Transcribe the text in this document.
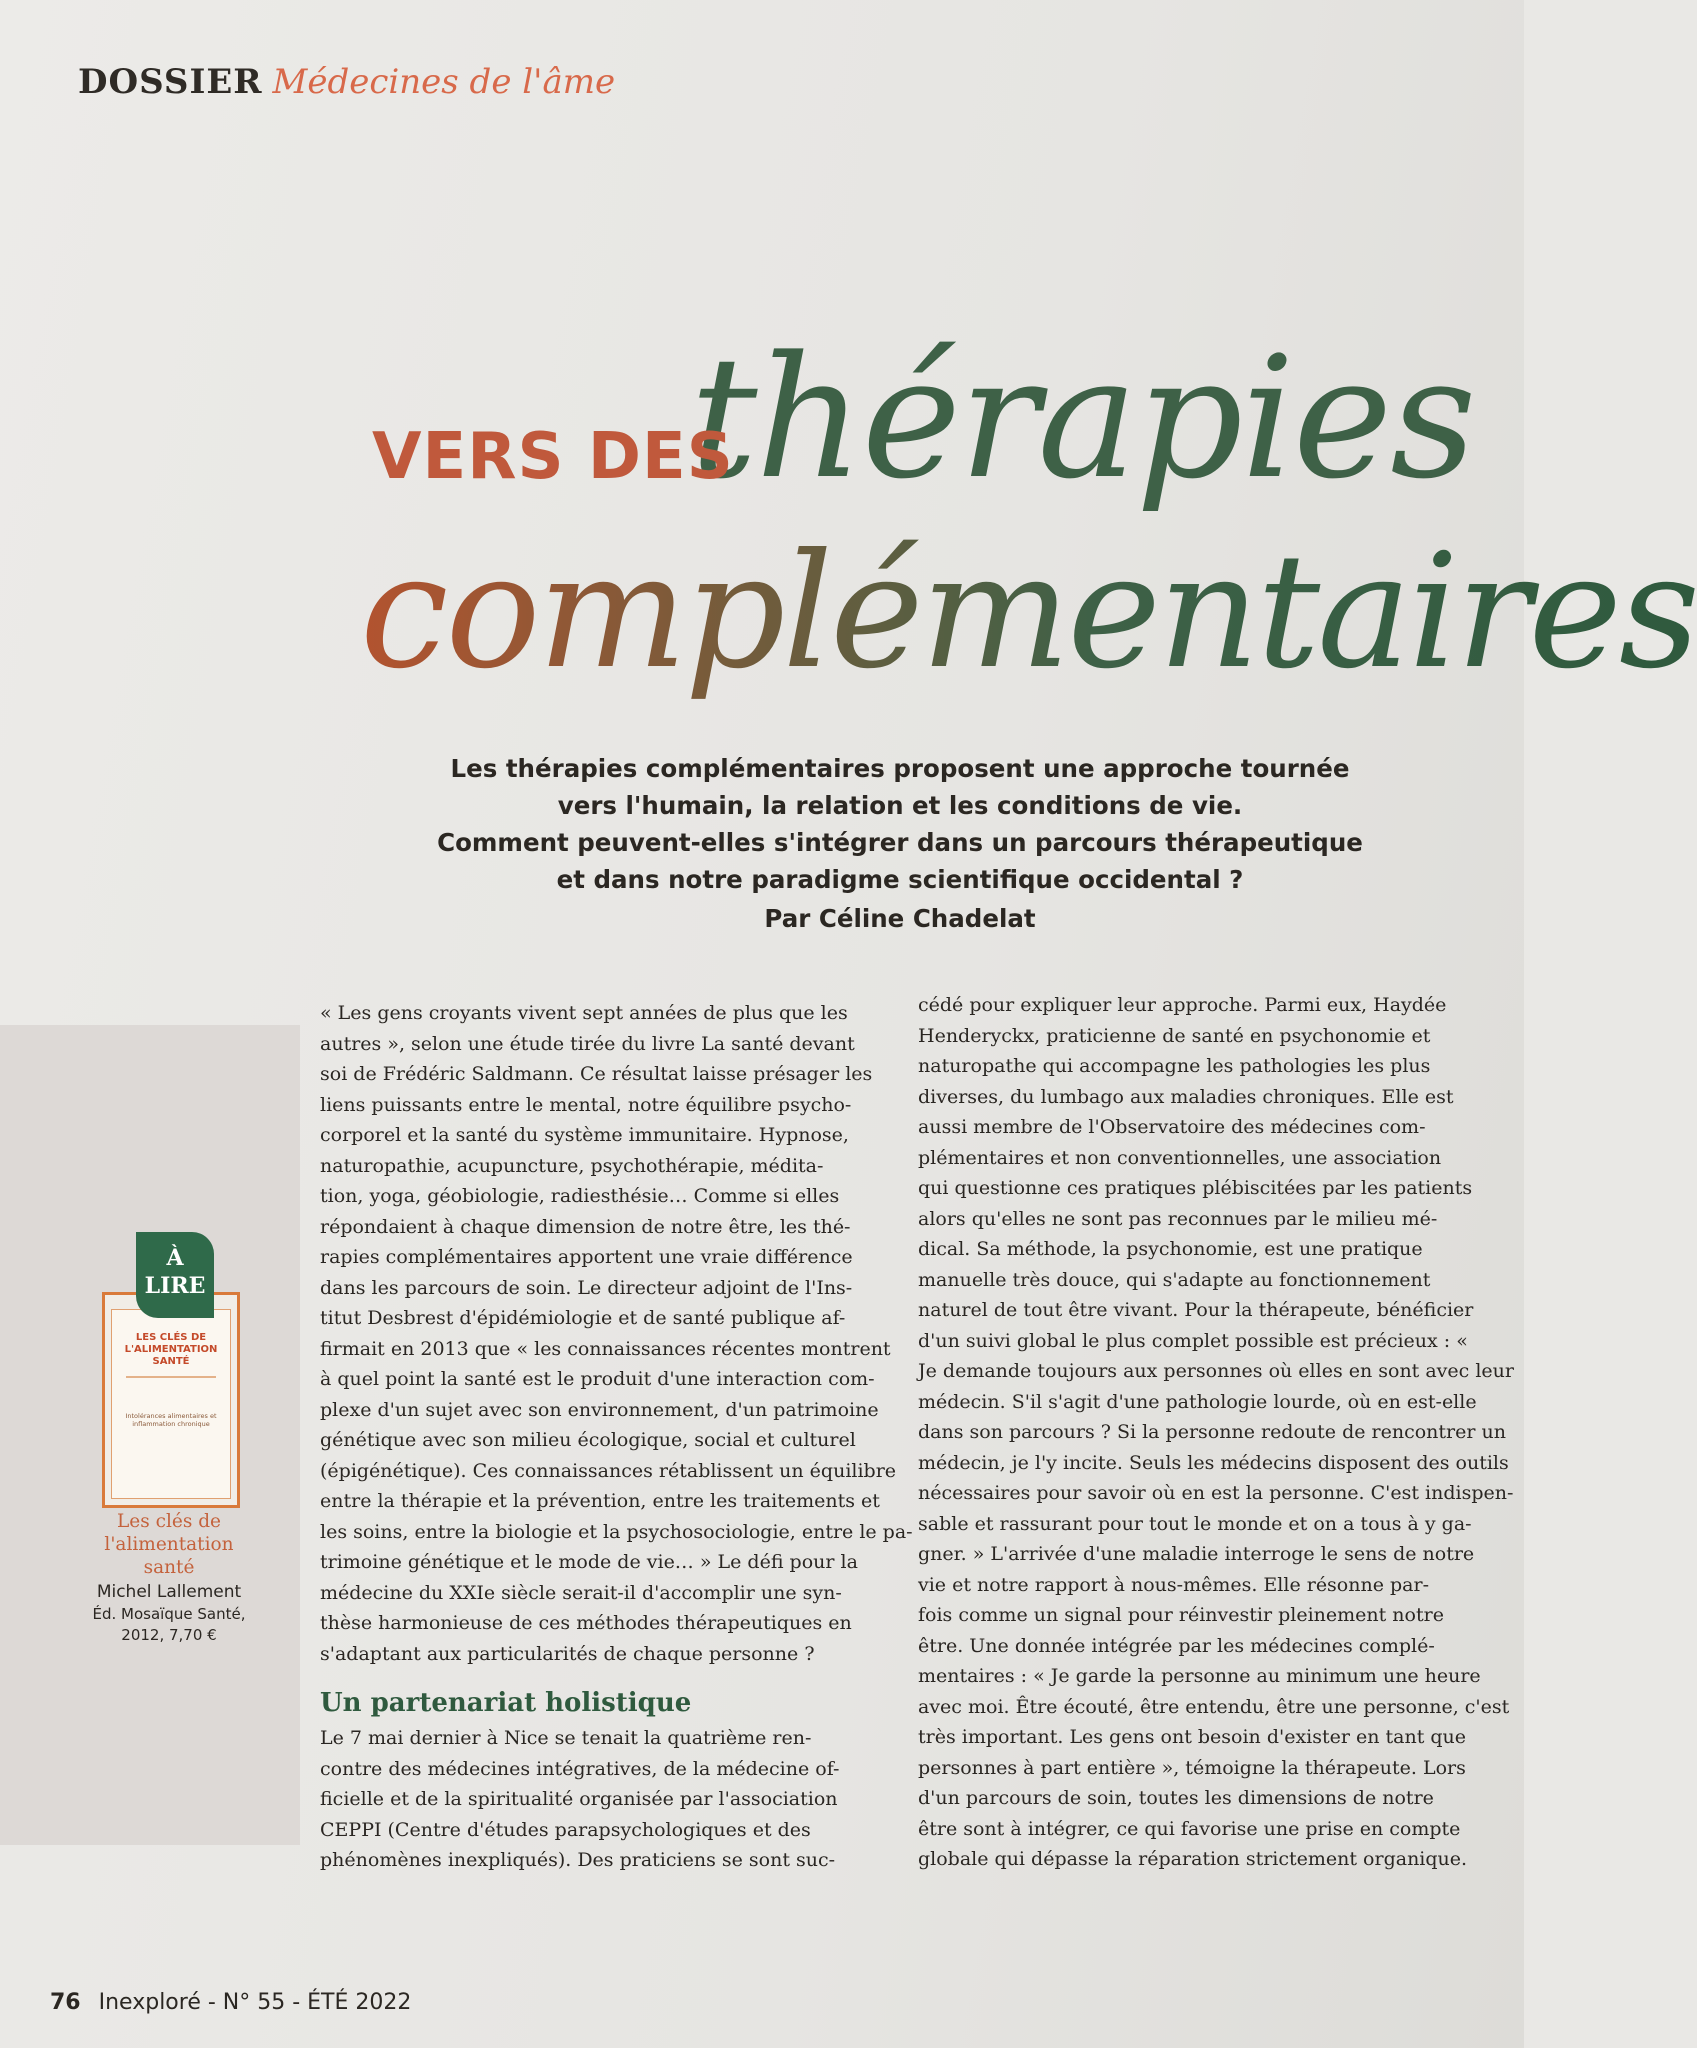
DOSSIER Médecines de l'âme
thérapies
VERS DES
complémentaires
Les thérapies complémentaires proposent une approche tournée
vers l'humain, la relation et les conditions de vie.
Comment peuvent-elles s'intégrer dans un parcours thérapeutique
et dans notre paradigme scientifique occidental ?
Par Céline Chadelat
LES CLÉS DE L'ALIMENTATION SANTÉ
Intolérances alimentaires et inflammation chronique
À
LIRE
Les clés de
l'alimentation
santé
Michel Lallement
Éd. Mosaïque Santé,
2012, 7,70 €
« Les gens croyants vivent sept années de plus que les
autres », selon une étude tirée du livre La santé devant
soi de Frédéric Saldmann. Ce résultat laisse présager les
liens puissants entre le mental, notre équilibre psycho-
corporel et la santé du système immunitaire. Hypnose,
naturopathie, acupuncture, psychothérapie, médita-
tion, yoga, géobiologie, radiesthésie… Comme si elles
répondaient à chaque dimension de notre être, les thé-
rapies complémentaires apportent une vraie différence
dans les parcours de soin. Le directeur adjoint de l'Ins-
titut Desbrest d'épidémiologie et de santé publique af-
firmait en 2013 que « les connaissances récentes montrent
à quel point la santé est le produit d'une interaction com-
plexe d'un sujet avec son environnement, d'un patrimoine
génétique avec son milieu écologique, social et culturel
(épigénétique). Ces connaissances rétablissent un équilibre
entre la thérapie et la prévention, entre les traitements et
les soins, entre la biologie et la psychosociologie, entre le pa-
trimoine génétique et le mode de vie… » Le défi pour la
médecine du XXIe siècle serait-il d'accomplir une syn-
thèse harmonieuse de ces méthodes thérapeutiques en
s'adaptant aux particularités de chaque personne ?
Un partenariat holistique
Le 7 mai dernier à Nice se tenait la quatrième ren-
contre des médecines intégratives, de la médecine of-
ficielle et de la spiritualité organisée par l'association
CEPPI (Centre d'études parapsychologiques et des
phénomènes inexpliqués). Des praticiens se sont suc-
cédé pour expliquer leur approche. Parmi eux, Haydée
Henderyckx, praticienne de santé en psychonomie et
naturopathe qui accompagne les pathologies les plus
diverses, du lumbago aux maladies chroniques. Elle est
aussi membre de l'Observatoire des médecines com-
plémentaires et non conventionnelles, une association
qui questionne ces pratiques plébiscitées par les patients
alors qu'elles ne sont pas reconnues par le milieu mé-
dical. Sa méthode, la psychonomie, est une pratique
manuelle très douce, qui s'adapte au fonctionnement
naturel de tout être vivant. Pour la thérapeute, bénéficier
d'un suivi global le plus complet possible est précieux : «
Je demande toujours aux personnes où elles en sont avec leur
médecin. S'il s'agit d'une pathologie lourde, où en est-elle
dans son parcours ? Si la personne redoute de rencontrer un
médecin, je l'y incite. Seuls les médecins disposent des outils
nécessaires pour savoir où en est la personne. C'est indispen-
sable et rassurant pour tout le monde et on a tous à y ga-
gner. » L'arrivée d'une maladie interroge le sens de notre
vie et notre rapport à nous-mêmes. Elle résonne par-
fois comme un signal pour réinvestir pleinement notre
être. Une donnée intégrée par les médecines complé-
mentaires : « Je garde la personne au minimum une heure
avec moi. Être écouté, être entendu, être une personne, c'est
très important. Les gens ont besoin d'exister en tant que
personnes à part entière », témoigne la thérapeute. Lors
d'un parcours de soin, toutes les dimensions de notre
être sont à intégrer, ce qui favorise une prise en compte
globale qui dépasse la réparation strictement organique.
76 Inexploré - N° 55 - ÉTÉ 2022
